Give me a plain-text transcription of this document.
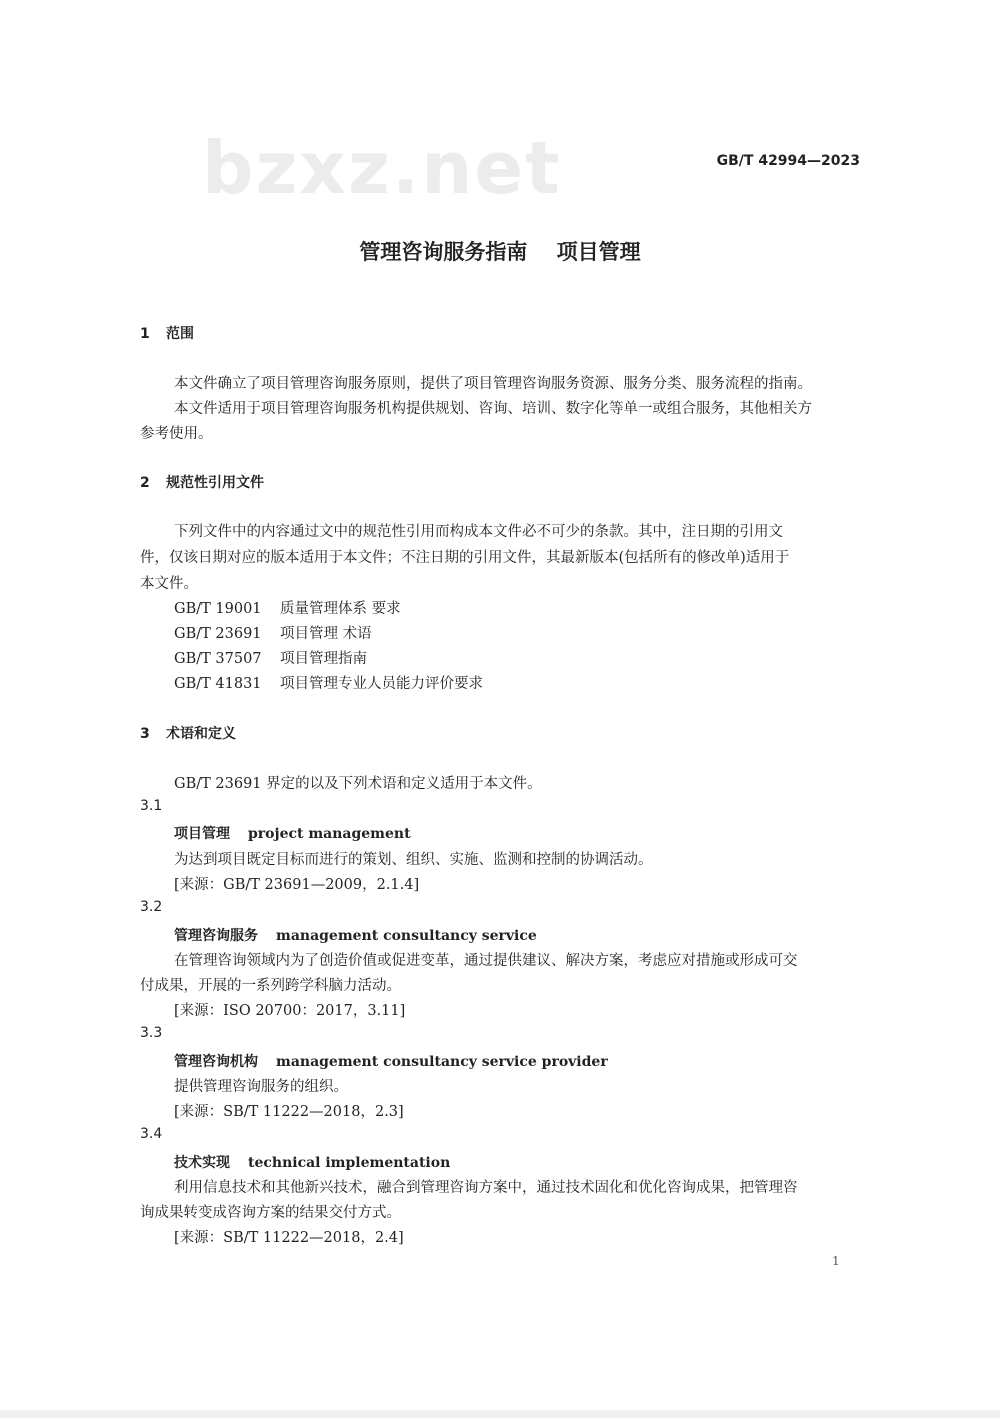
bzxz.net	GB/T 42994—2023
管理咨询服务指南    项目管理
1 范围
本文件确立了项目管理咨询服务原则，提供了项目管理咨询服务资源、服务分类、服务流程的指南。
本文件适用于项目管理咨询服务机构提供规划、咨询、培训、数字化等单一或组合服务，其他相关方
参考使用。
2 规范性引用文件
下列文件中的内容通过文中的规范性引用而构成本文件必不可少的条款。其中，注日期的引用文
件，仅该日期对应的版本适用于本文件；不注日期的引用文件，其最新版本(包括所有的修改单)适用于
本文件。
GB/T 19001 质量管理体系 要求
GB/T 23691 项目管理 术语
GB/T 37507 项目管理指南
GB/T 41831 项目管理专业人员能力评价要求
3 术语和定义
GB/T 23691 界定的以及下列术语和定义适用于本文件。
3.1
项目管理 project management
为达到项目既定目标而进行的策划、组织、实施、监测和控制的协调活动。
[来源：GB/T 23691—2009，2.1.4]
3.2
管理咨询服务 management consultancy service
在管理咨询领域内为了创造价值或促进变革，通过提供建议、解决方案，考虑应对措施或形成可交
付成果，开展的一系列跨学科脑力活动。
[来源：ISO 20700：2017，3.11]
3.3
管理咨询机构 management consultancy service provider
提供管理咨询服务的组织。
[来源：SB/T 11222—2018，2.3]
3.4
技术实现 technical implementation
利用信息技术和其他新兴技术，融合到管理咨询方案中，通过技术固化和优化咨询成果，把管理咨
询成果转变成咨询方案的结果交付方式。
[来源：SB/T 11222—2018，2.4]
1
